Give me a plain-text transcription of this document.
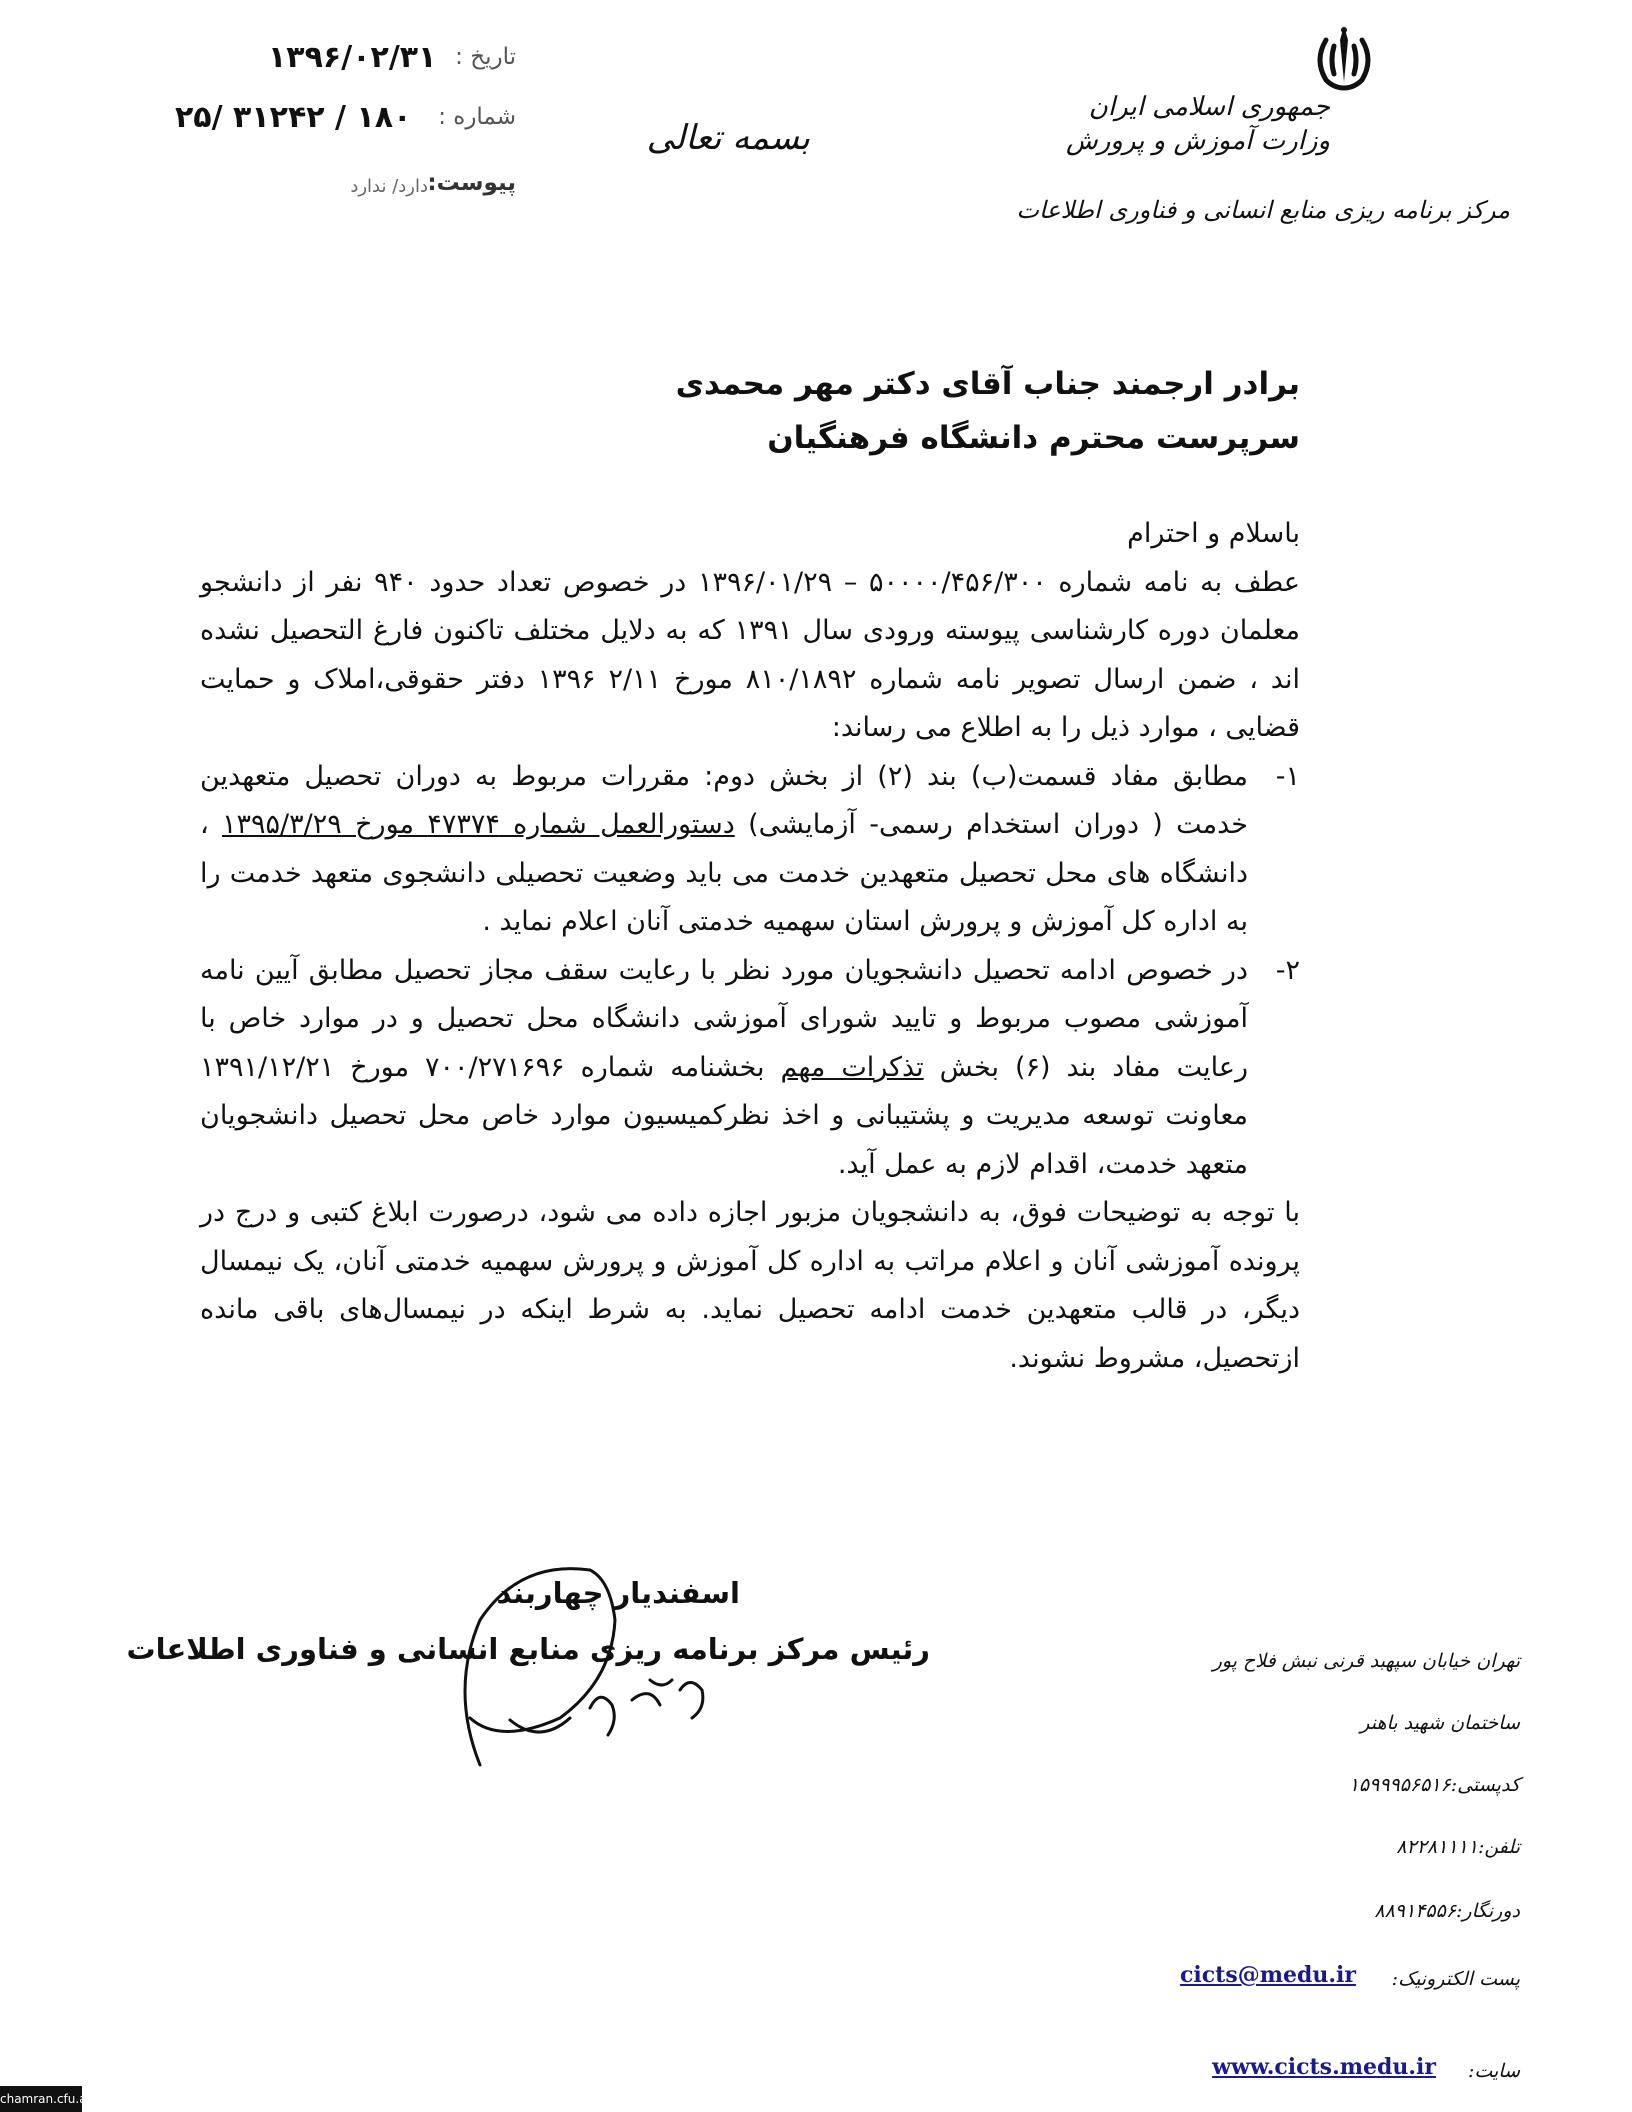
تاریخ :
۱۳۹۶/۰۲/۳۱
شماره :
۱۸۰ / ۳۱۲۴۲ /۲۵
پیوست:
دارد/ ندارد
بسمه تعالی
جمهوری اسلامی ایران
وزارت آموزش و پرورش
مرکز برنامه ریزی منابع انسانی و فناوری اطلاعات
برادر ارجمند جناب آقای دکتر مهر محمدی
سرپرست محترم دانشگاه فرهنگیان

باسلام و احترام

عطف به نامه شماره ۵۰۰۰۰/۴۵۶/۳۰۰ – ۱۳۹۶/۰۱/۲۹ در خصوص تعداد حدود ۹۴۰ نفر از دانشجو معلمان دوره کارشناسی پیوسته ورودی سال ۱۳۹۱ که به دلایل مختلف تاکنون فارغ التحصیل نشده اند ، ضمن ارسال تصویر نامه شماره ۸۱۰/۱۸۹۲ مورخ ۲/۱۱ ۱۳۹۶ دفتر حقوقی،املاک و حمایت قضایی ، موارد ذیل را به اطلاع می رساند:

۱-
مطابق مفاد قسمت(ب) بند (۲) از بخش دوم: مقررات مربوط به دوران تحصیل متعهدین خدمت ( دوران استخدام رسمی- آزمایشی) دستورالعمل شماره ۴۷۳۷۴ مورخ ۱۳۹۵/۳/۲۹ ، دانشگاه های محل تحصیل متعهدین خدمت می باید وضعیت تحصیلی دانشجوی متعهد خدمت را به اداره کل آموزش و پرورش استان سهمیه خدمتی آنان اعلام نماید .
۲-
در خصوص ادامه تحصیل دانشجویان مورد نظر با رعایت سقف مجاز تحصیل مطابق آیین نامه آموزشی مصوب مربوط و تایید شورای آموزشی دانشگاه محل تحصیل و در موارد خاص با رعایت مفاد بند (۶) بخش تذکرات مهم بخشنامه شماره ۷۰۰/۲۷۱۶۹۶ مورخ ۱۳۹۱/۱۲/۲۱ معاونت توسعه مدیریت و پشتیبانی و اخذ نظرکمیسیون موارد خاص محل تحصیل دانشجویان متعهد خدمت، اقدام لازم به عمل آید.

با توجه به توضیحات فوق، به دانشجویان مزبور اجازه داده می شود، درصورت ابلاغ کتبی و درج در پرونده آموزشی آنان و اعلام مراتب به اداره کل آموزش و پرورش سهمیه خدمتی آنان، یک نیمسال دیگر، در قالب متعهدین خدمت ادامه تحصیل نماید. به شرط اینکه در نیمسال‌های باقی مانده ازتحصیل، مشروط نشوند.

اسفندیار چهاربند
رئیس مرکز برنامه ریزی منابع انسانی و فناوری اطلاعات	تهران خیابان سپهبد قرنی نبش فلاح پور
ساختمان شهید باهنر
کدپستی:۱۵۹۹۹۵۶۵۱۶
تلفن:۸۲۲۸۱۱۱۱
دورنگار:۸۸۹۱۴۵۵۶
پست الکترونیک:
cicts@medu.ir
سایت:
www.cicts.medu.ir
chamran.cfu.ac.ir
